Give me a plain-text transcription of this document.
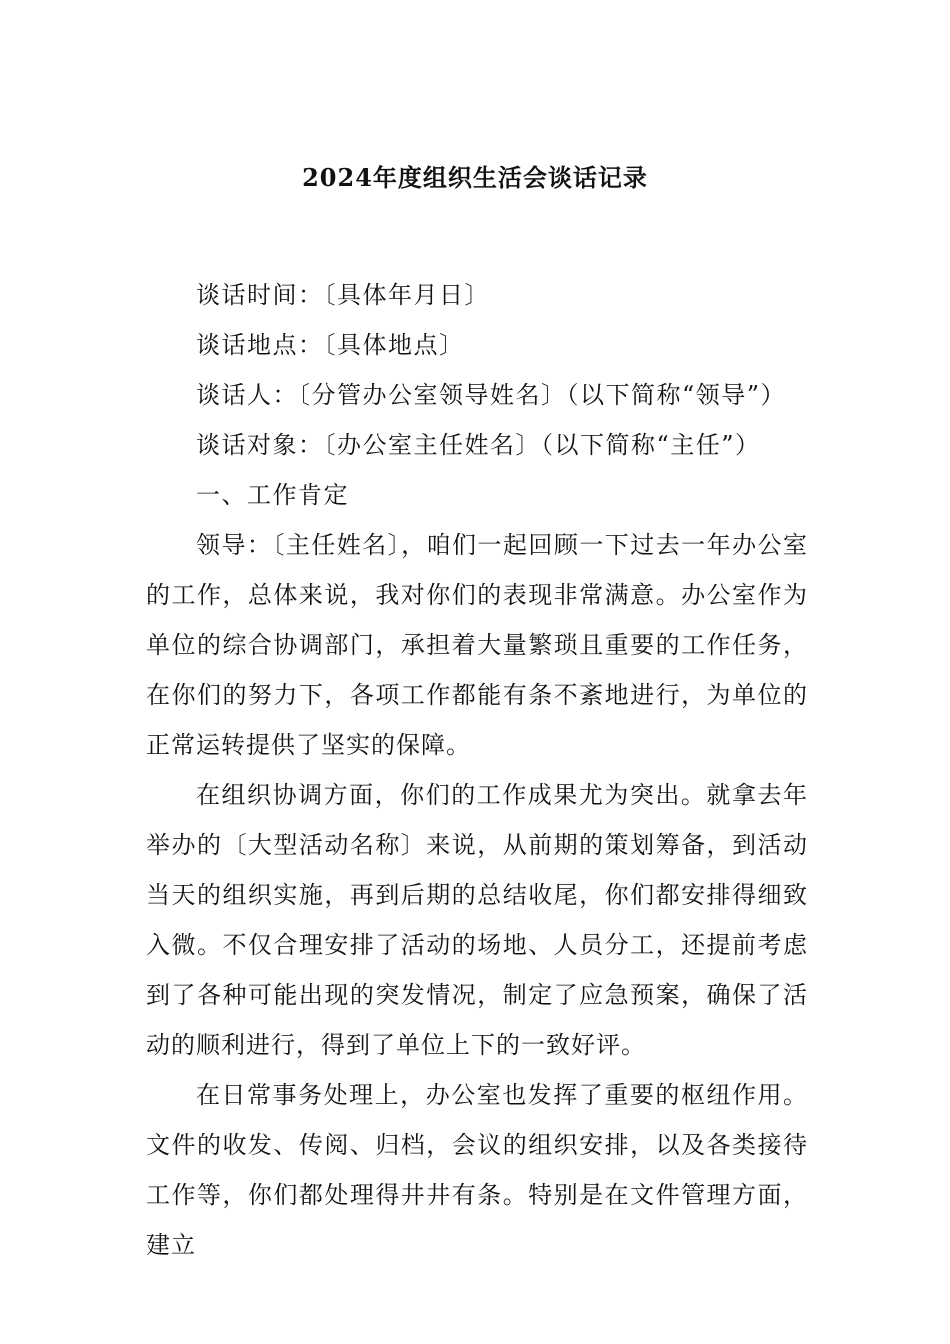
2024年度组织生活会谈话记录

谈话时间：〔具体年月日〕

谈话地点：〔具体地点〕

谈话人：〔分管办公室领导姓名〕（以下简称“领导”）

谈话对象：〔办公室主任姓名〕（以下简称“主任”）

一、工作肯定

领导：〔主任姓名〕，咱们一起回顾一下过去一年办公室的工作，总体来说，我对你们的表现非常满意。办公室作为单位的综合协调部门，承担着大量繁琐且重要的工作任务，在你们的努力下，各项工作都能有条不紊地进行，为单位的正常运转提供了坚实的保障。

在组织协调方面，你们的工作成果尤为突出。就拿去年举办的〔大型活动名称〕来说，从前期的策划筹备，到活动当天的组织实施，再到后期的总结收尾，你们都安排得细致入微。不仅合理安排了活动的场地、人员分工，还提前考虑到了各种可能出现的突发情况，制定了应急预案，确保了活动的顺利进行，得到了单位上下的一致好评。

在日常事务处理上，办公室也发挥了重要的枢纽作用。文件的收发、传阅、归档，会议的组织安排，以及各类接待工作等，你们都处理得井井有条。特别是在文件管理方面，建立
